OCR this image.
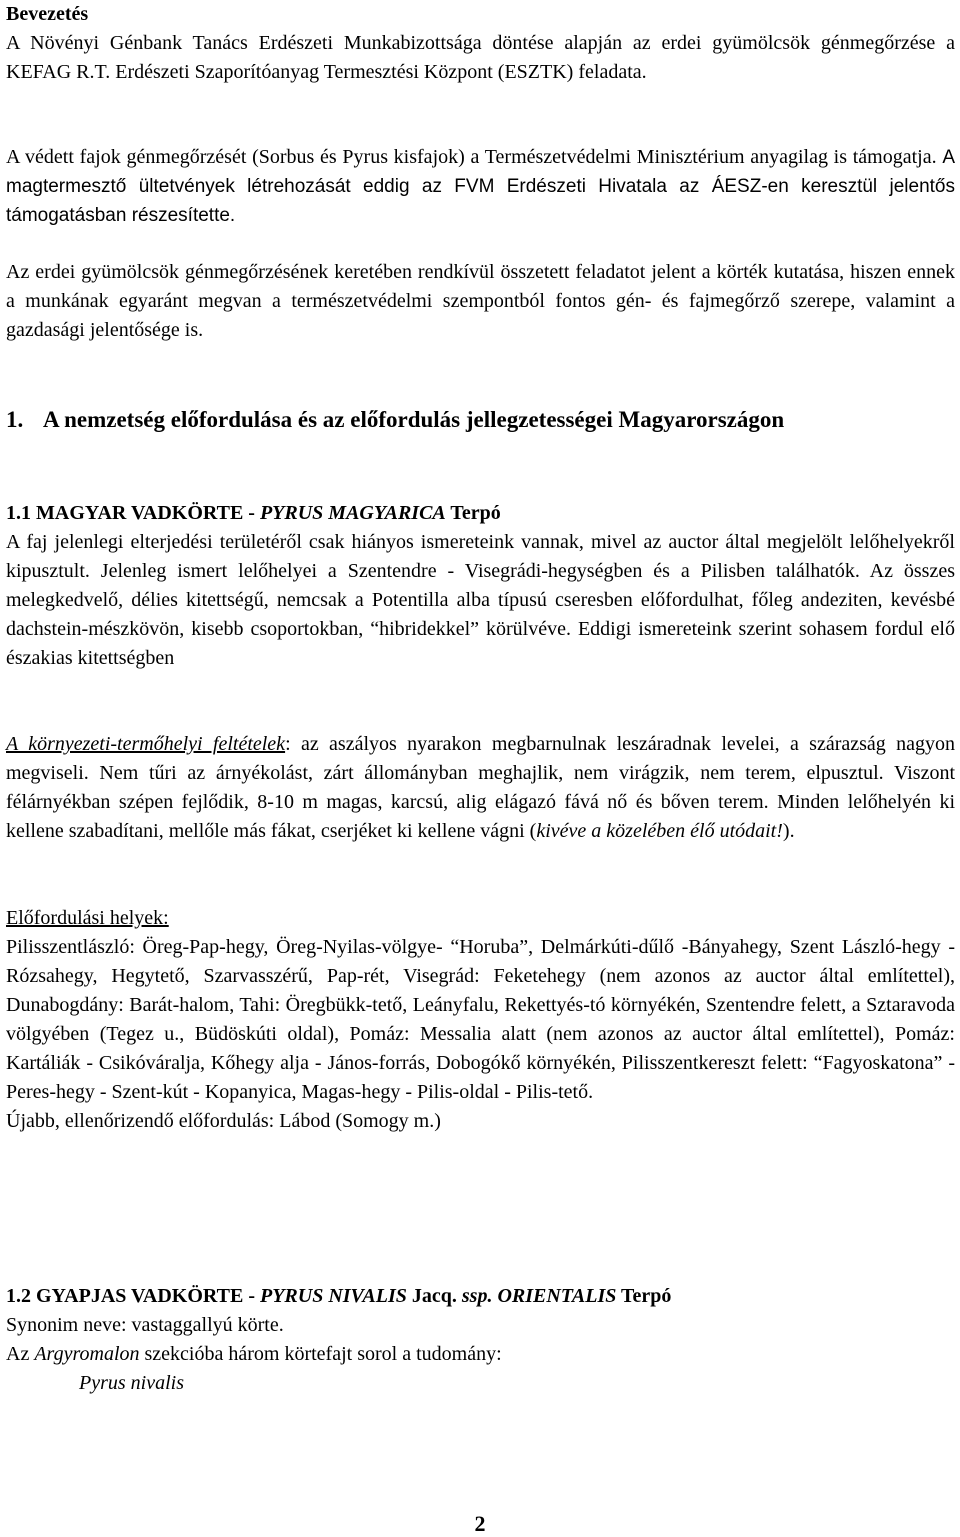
Bevezetés

A Növényi Génbank Tanács Erdészeti Munkabizottsága döntése alapján az erdei gyümölcsök génmegőrzése a KEFAG R.T. Erdészeti Szaporítóanyag Termesztési Központ (ESZTK) feladata.

A védett fajok génmegőrzését (Sorbus és Pyrus kisfajok) a Természetvédelmi Minisztérium anyagilag is támogatja. A magtermesztő ültetvények létrehozását eddig az FVM Erdészeti Hivatala az ÁESZ-en keresztül jelentős támogatásban részesítette.

Az erdei gyümölcsök génmegőrzésének keretében rendkívül összetett feladatot jelent a körték kutatása, hiszen ennek a munkának egyaránt megvan a természetvédelmi szempontból fontos gén- és fajmegőrző szerepe, valamint a gazdasági jelentősége is.

1. A nemzetség előfordulása és az előfordulás jellegzetességei Magyarországon

1.1 MAGYAR VADKÖRTE - PYRUS MAGYARICA Terpó

A faj jelenlegi elterjedési területéről csak hiányos ismereteink vannak, mivel az auctor által megjelölt lelőhelyekről kipusztult. Jelenleg ismert lelőhelyei a Szentendre - Visegrádi-hegységben és a Pilisben találhatók. Az összes melegkedvelő, délies kitettségű, nemcsak a Potentilla alba típusú cseresben előfordulhat, főleg andeziten, kevésbé dachstein-mészkövön, kisebb csoportokban, “hibridekkel” körülvéve. Eddigi ismereteink szerint sohasem fordul elő északias kitettségben

A környezeti-termőhelyi feltételek: az aszályos nyarakon megbarnulnak leszáradnak levelei, a szárazság nagyon megviseli. Nem tűri az árnyékolást, zárt állományban meghajlik, nem virágzik, nem terem, elpusztul. Viszont félárnyékban szépen fejlődik, 8-10 m magas, karcsú, alig elágazó fává nő és bőven terem. Minden lelőhelyén ki kellene szabadítani, mellőle más fákat, cserjéket ki kellene vágni (kivéve a közelében élő utódait!).

Előfordulási helyek:

Pilisszentlászló: Öreg-Pap-hegy, Öreg-Nyilas-völgye- “Horuba”, Delmárkúti-dűlő -Bányahegy, Szent László-hegy - Rózsahegy, Hegytető, Szarvasszérű, Pap-rét, Visegrád: Feketehegy (nem azonos az auctor által említettel), Dunabogdány: Barát-halom, Tahi: Öregbükk-tető, Leányfalu, Rekettyés-tó környékén, Szentendre felett, a Sztaravoda völgyében (Tegez u., Büdöskúti oldal), Pomáz: Messalia alatt (nem azonos az auctor által említettel), Pomáz: Kartáliák - Csikóváralja, Kőhegy alja - János-forrás, Dobogókő környékén, Pilisszentkereszt felett: “Fagyoskatona” - Peres-hegy - Szent-kút - Kopanyica, Magas-hegy - Pilis-oldal - Pilis-tető.

Újabb, ellenőrizendő előfordulás: Lábod (Somogy m.)

1.2 GYAPJAS VADKÖRTE - PYRUS NIVALIS Jacq. ssp. ORIENTALIS Terpó

Synonim neve: vastaggallyú körte.

Az Argyromalon szekcióba három körtefajt sorol a tudomány:

Pyrus nivalis

2
